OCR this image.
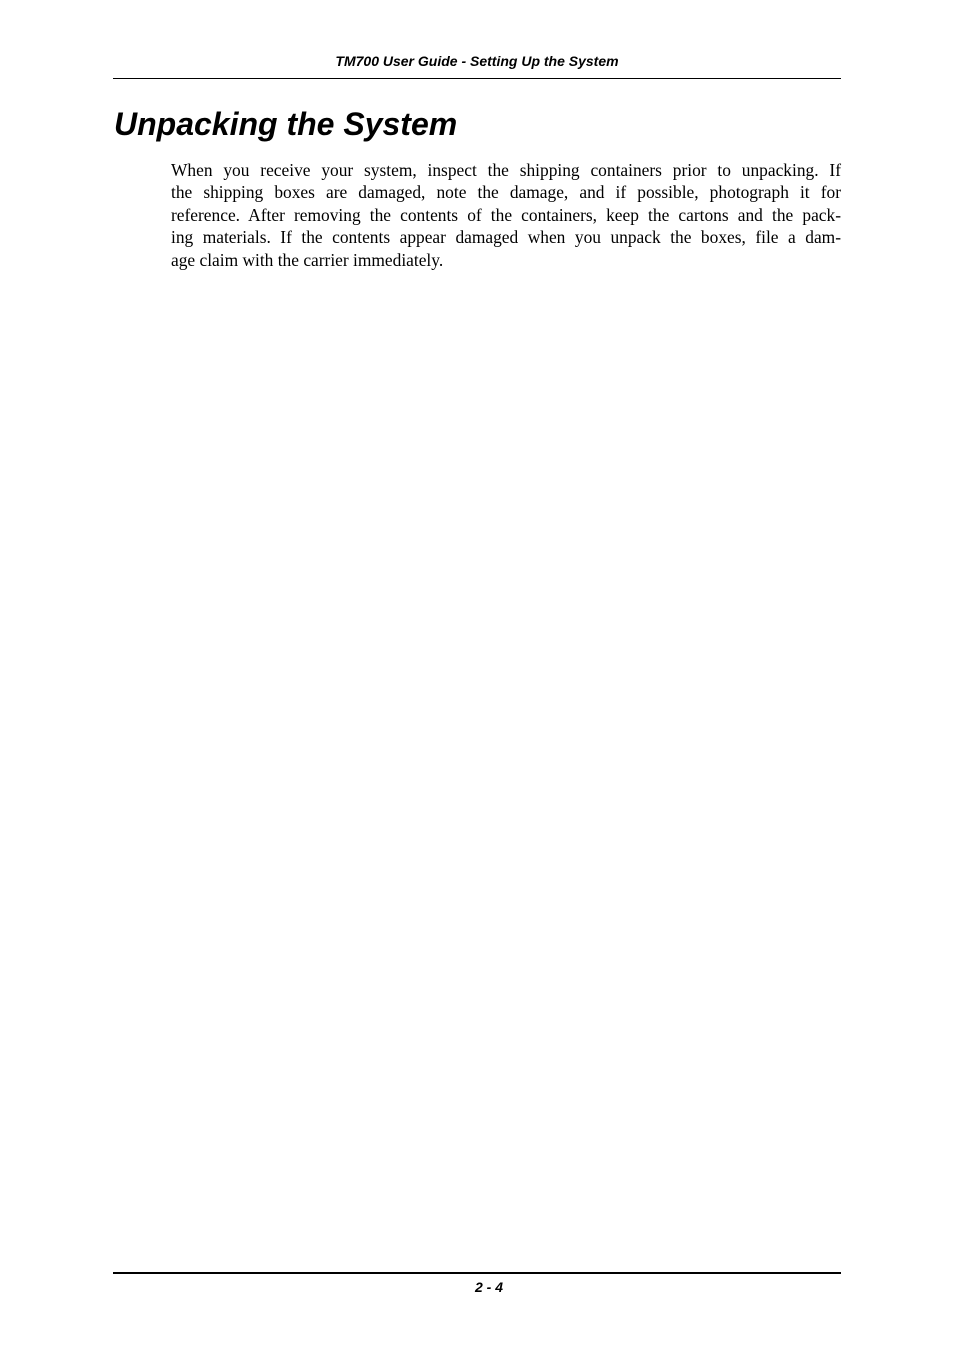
TM700 User Guide - Setting Up the System
Unpacking the System

When you receive your system, inspect the shipping containers prior to unpacking. If
the shipping boxes are damaged, note the damage, and if possible, photograph it for
reference. After removing the contents of the containers, keep the cartons and the pack-
ing materials. If the contents appear damaged when you unpack the boxes, file a dam-
age claim with the carrier immediately.

2 - 4
